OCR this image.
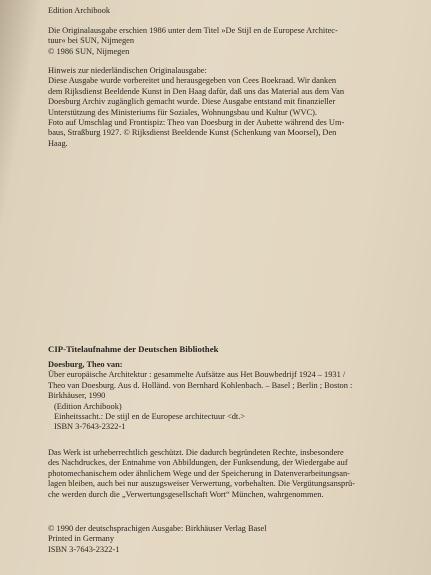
Edition Archibook
Die Originalausgabe erschien 1986 unter dem Titel »De Stijl en de Europese Architec-
tuur« bei SUN, Nijmegen
© 1986 SUN, Nijmegen
Hinweis zur niederländischen Originalausgabe:
Diese Ausgabe wurde vorbereitet und herausgegeben von Cees Boekraad. Wir danken
dem Rijksdienst Beeldende Kunst in Den Haag dafür, daß uns das Material aus dem Van
Doesburg Archiv zugänglich gemacht wurde. Diese Ausgabe entstand mit finanzieller
Unterstützung des Ministeriums für Soziales, Wohnungsbau und Kultur (WVC).
Foto auf Umschlag und Frontispiz: Theo van Doesburg in der Aubette während des Um-
baus, Straßburg 1927. © Rijksdienst Beeldende Kunst (Schenkung van Moorsel), Den
Haag.
CIP-Titelaufnahme der Deutschen Bibliothek
Doesburg, Theo van:
Über europäische Architektur : gesammelte Aufsätze aus Het Bouwbedrijf 1924 – 1931 /
Theo van Doesburg. Aus d. Holländ. von Bernhard Kohlenbach. – Basel ; Berlin ; Boston :
Birkhäuser, 1990
(Edition Archibook)
Einheitssacht.: De stijl en de Europese architectuur <dt.>
ISBN 3-7643-2322-1
Das Werk ist urheberrechtlich geschützt. Die dadurch begründeten Rechte, insbesondere
des Nachdruckes, der Entnahme von Abbildungen, der Funksendung, der Wiedergabe auf
photomechanischem oder ähnlichem Wege und der Speicherung in Datenverarbeitungsan-
lagen bleiben, auch bei nur auszugsweiser Verwertung, vorbehalten. Die Vergütungsansprü-
che werden durch die „Verwertungsgesellschaft Wort“ München, wahrgenommen.
© 1990 der deutschsprachigen Ausgabe: Birkhäuser Verlag Basel
Printed in Germany
ISBN 3-7643-2322-1
